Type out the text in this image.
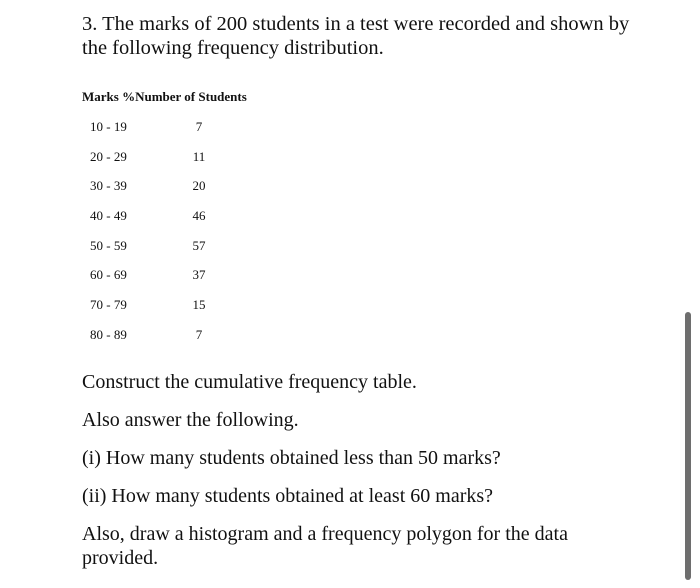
3. The marks of 200 students in a test were recorded and shown by the following frequency distribution.

Marks %Number of Students

10 - 19	7
20 - 29	11
30 - 39	20
40 - 49	46
50 - 59	57
60 - 69	37
70 - 79	15
80 - 89	7

Construct the cumulative frequency table.

Also answer the following.

(i) How many students obtained less than 50 marks?

(ii) How many students obtained at least 60 marks?

Also, draw a histogram and a frequency polygon for the data provided.
